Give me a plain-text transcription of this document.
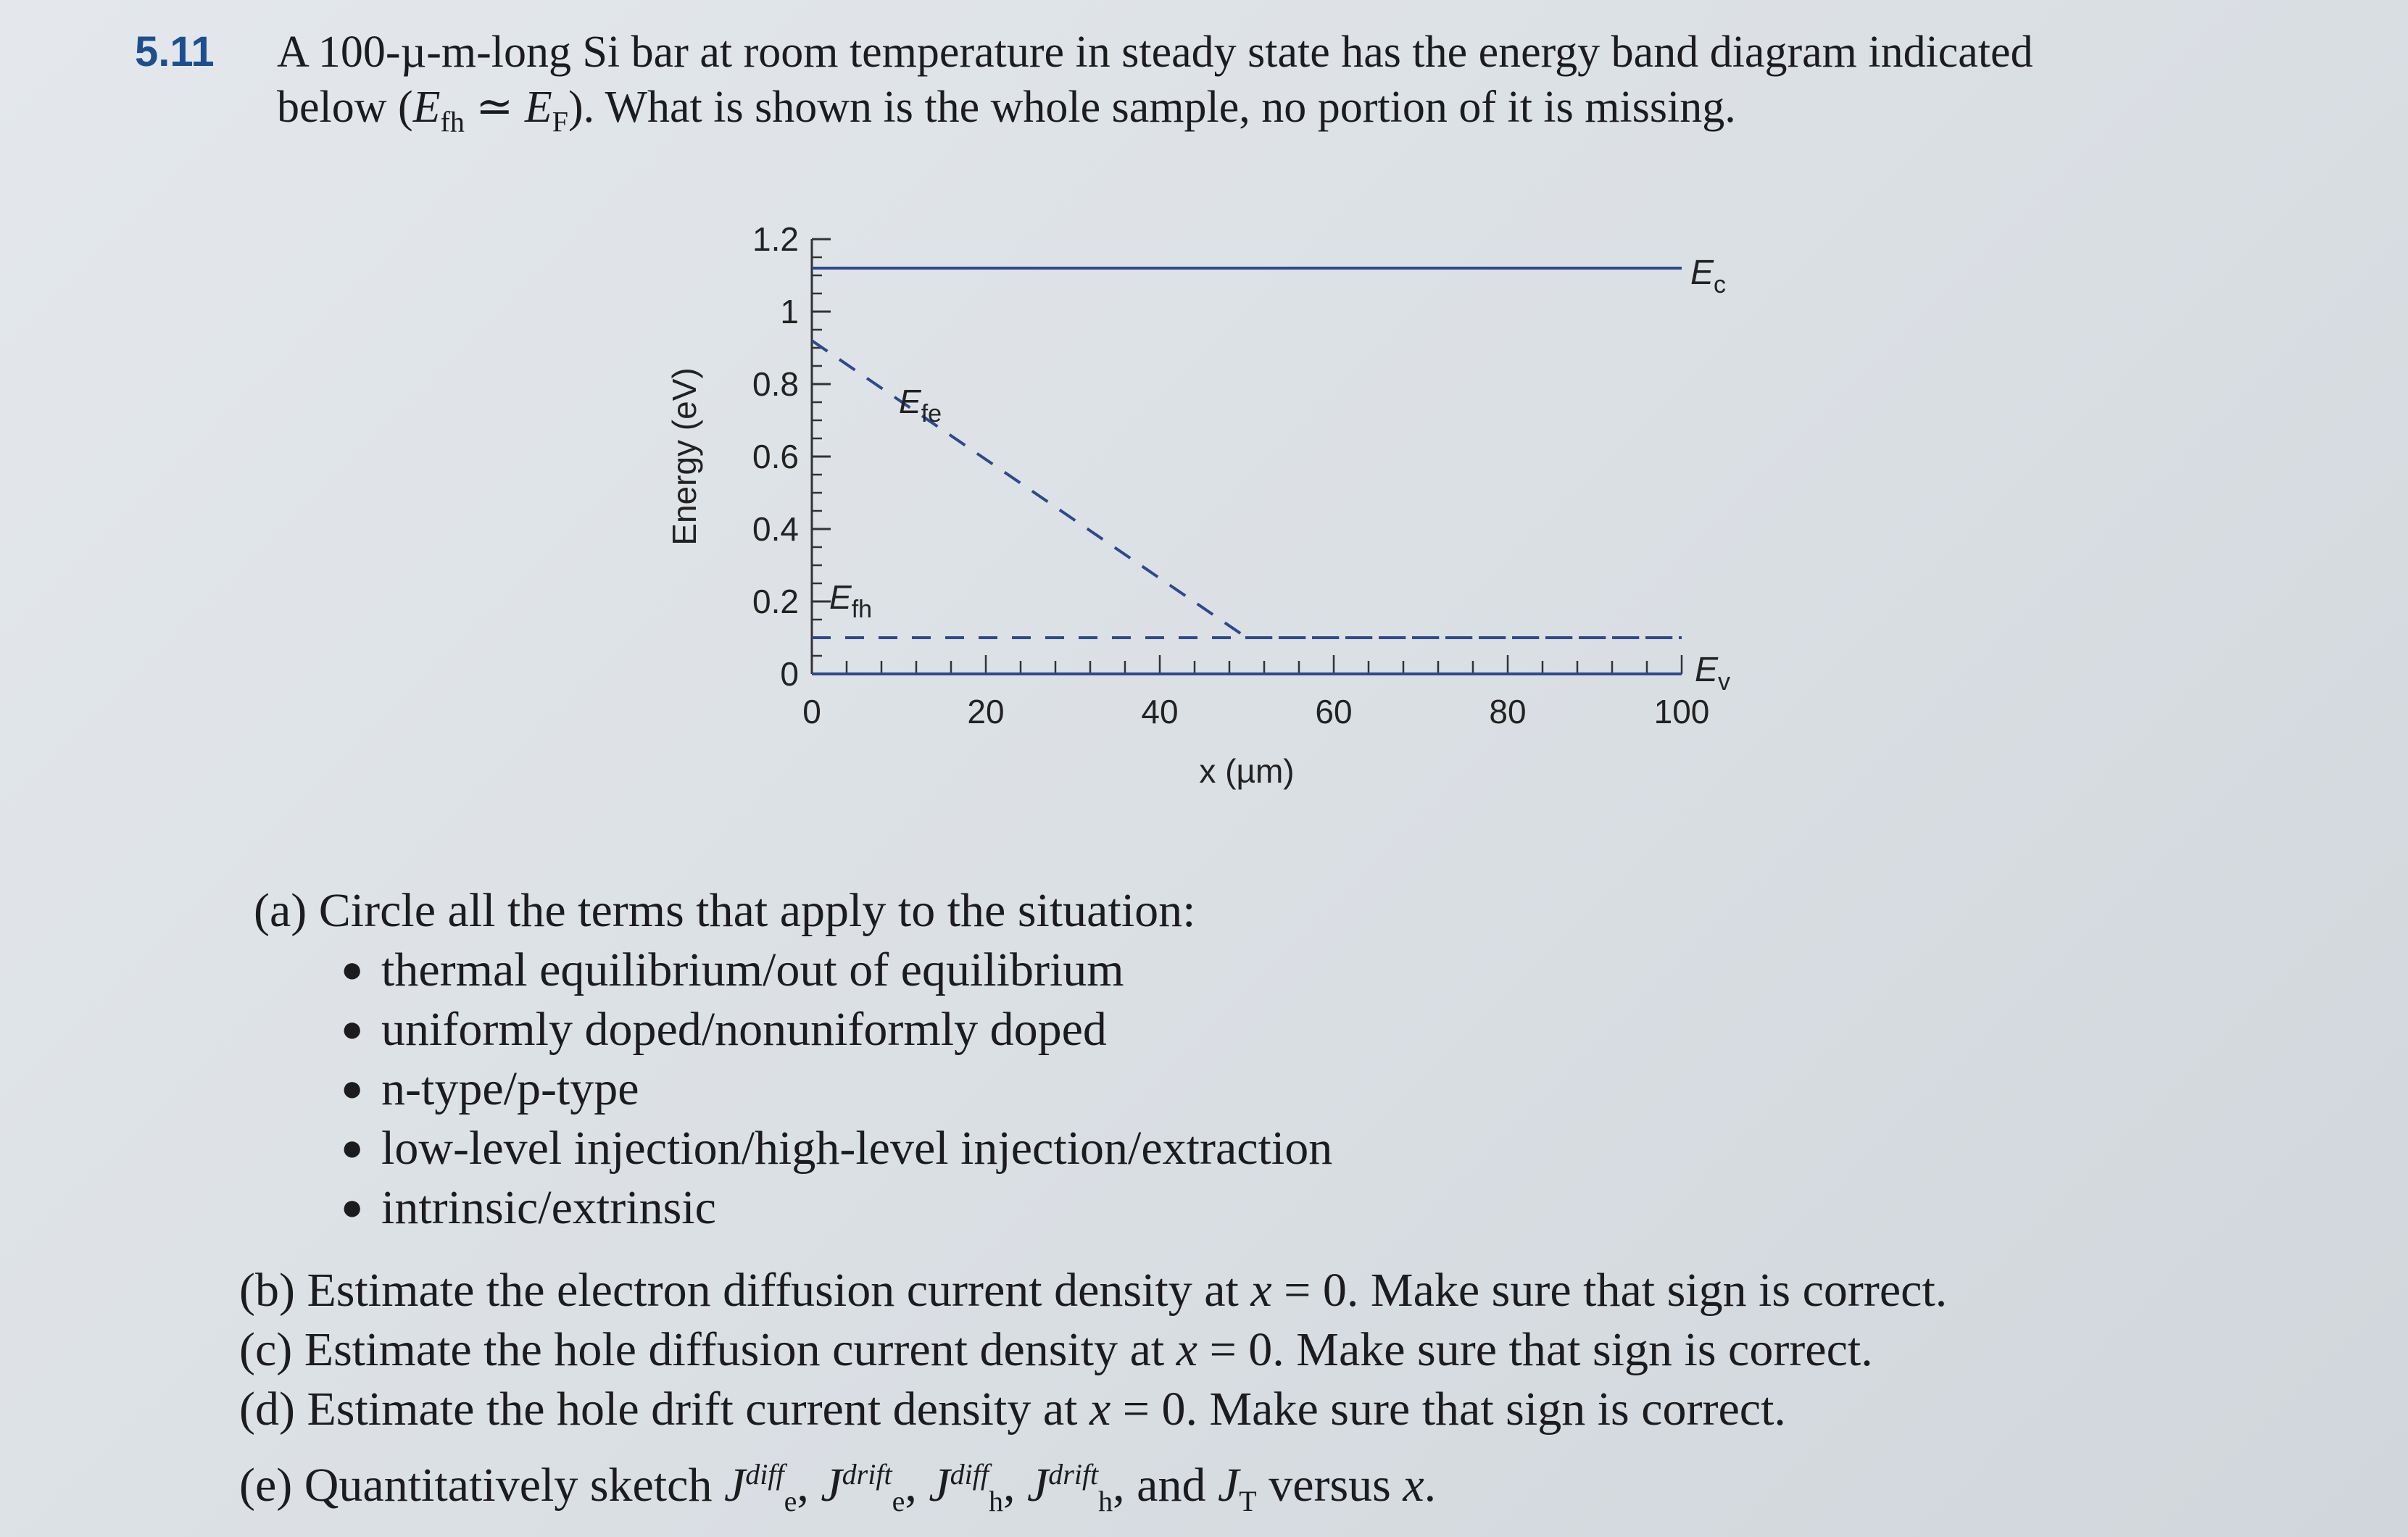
5.11 A 100-µ-m-long Si bar at room temperature in steady state has the energy band diagram indicated
below ($E_{fh}$ ≃ $E_F$). What is shown is the whole sample, no portion of it is missing.
1.2
1
0.8
0.6
0.4
0.2
0
0	20	40	60	80	100
Energy (eV)
x (µm)
$E_c$
$E_v$
$E_{fe}$
$E_{fh}$
(a) Circle all the terms that apply to the situation:
● thermal equilibrium/out of equilibrium
● uniformly doped/nonuniformly doped
● n-type/p-type
● low-level injection/high-level injection/extraction
● intrinsic/extrinsic
(b) Estimate the electron diffusion current density at x = 0. Make sure that sign is correct.
(c) Estimate the hole diffusion current density at x = 0. Make sure that sign is correct.
(d) Estimate the hole drift current density at x = 0. Make sure that sign is correct.
(e) Quantitatively sketch $J^{diff}_e$, $J^{drift}_e$, $J^{diff}_h$, $J^{drift}_h$, and $J_T$ versus x.
